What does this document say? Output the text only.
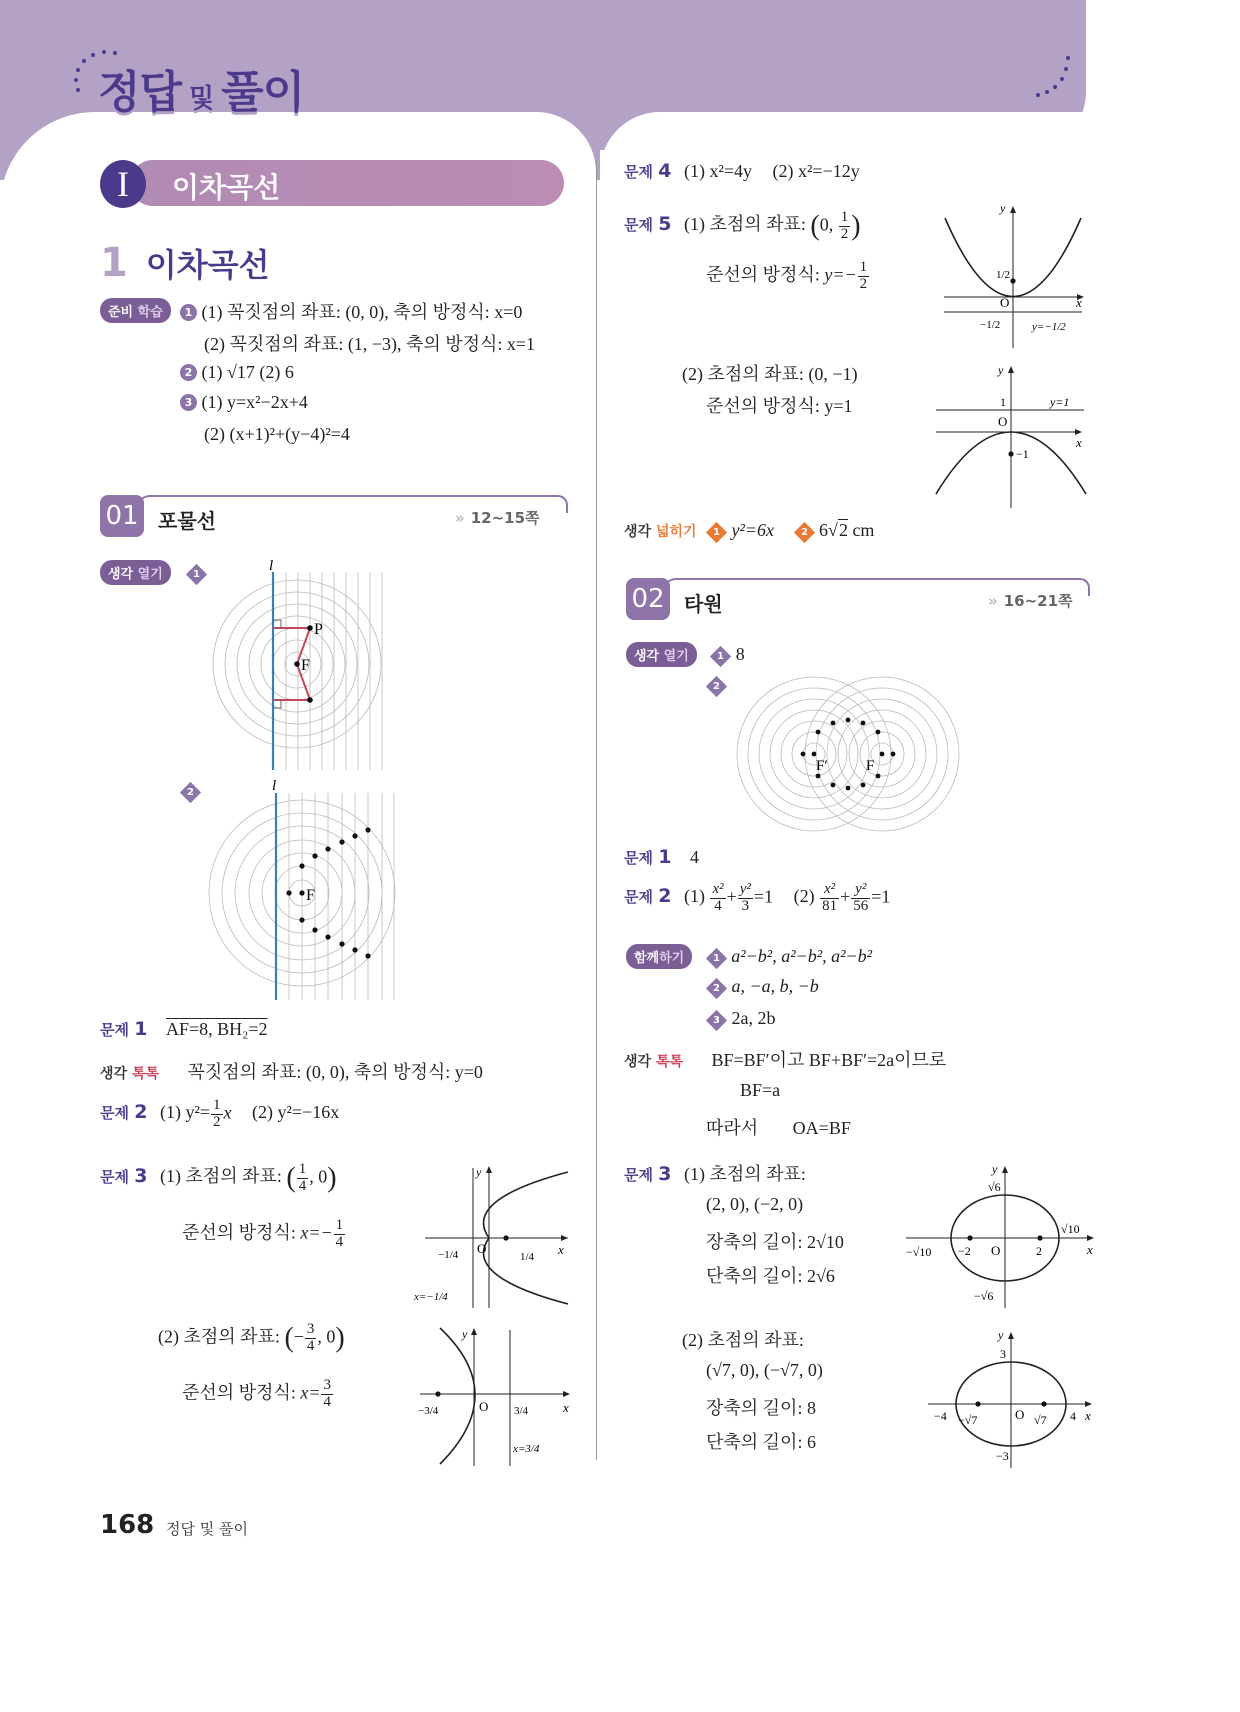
정답 및 풀이
I	이차곡선
1 이차곡선
준비 학습	1 (1) 꼭짓점의 좌표: (0, 0), 축의 방정식: x=0
(2) 꼭짓점의 좌표: (1, −3), 축의 방정식: x=1
2 (1) √17 (2) 6
3 (1) y=x²−2x+4
(2) (x+1)²+(y−4)²=4
01 포물선	» 12~15쪽
생각 열기	1
l
P
F
2	l
F
문제 1 AF=8, BH₂=2
생각 톡톡 꼭짓점의 좌표: (0, 0), 축의 방정식: y=0
문제 2 (1) $y^2= \frac{1}{2}$ x (2) y²=−16x
문제 3 (1) 초점의 좌표: ( $\frac{1}{4}$ , 0)
준선의 방정식: $x=- \frac{1}{4}$
y
x
O
−1/4	1/4
x=−1/4
(2) 초점의 좌표: (− $\frac{3}{4}$ , 0)
준선의 방정식: $x= \frac{3}{4}$
y
x
O
−3/4	3/4
x=3/4
문제 4 (1) x²=4y (2) x²=−12y
문제 5 (1) 초점의 좌표: (0, $\frac{1}{2}$ )
준선의 방정식: $y=- \frac{1}{2}$
y
x
O
1/2
−1/2	y=−1/2
(2) 초점의 좌표: (0, −1)
준선의 방정식: y=1
y
x
O
1	y=1
−1
생각 넓히기 1 y²=6x	2 6√2 cm
02 타원	» 16~21쪽
생각 열기	1 8
2
F′	F
문제 1 4
문제 2 $(1) \frac{\text{x²}}{4} + \frac{\text{y²}}{3} =1$ $(2) \frac{\text{x²}}{81} + \frac{\text{y²}}{56} =1$
함께하기	1 a²−b², a²−b², a²−b²
2 a, −a, b, −b
3 2a, 2b
생각 톡톡 BF=BF′이고 BF+BF′=2a이므로
BF=a
따라서 OA=BF
문제 3 (1) 초점의 좌표:
(2, 0), (−2, 0)
장축의 길이: 2√10
단축의 길이: 2√6
y
x
O
√6
−√6
√10
−√10 −2	2
(2) 초점의 좌표:
(√7, 0), (−√7, 0)
장축의 길이: 8
단축의 길이: 6
y
x
O
3
−3
4
−4 −√7	√7
168 정답 및 풀이
